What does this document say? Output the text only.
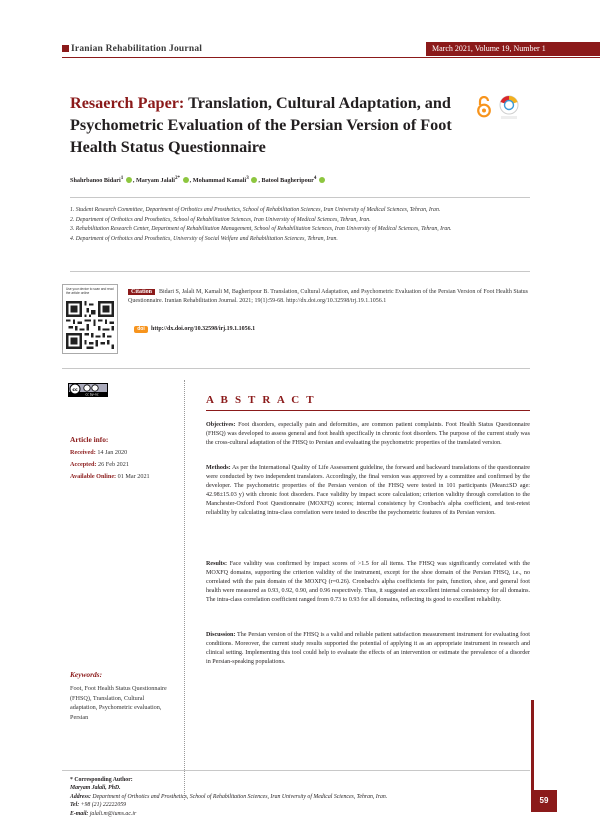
Iranian Rehabilitation Journal	March 2021, Volume 19, Number 1
Resaerch Paper: Translation, Cultural Adaptation, and Psychometric Evaluation of the Persian Version of Foot Health Status Questionnaire
Shahrbanoo Bidari$^1$ , Maryam Jalali$^{2*}$ , Mohammad Kamali$^3$ , Batool Bagheripour$^4$
1. Student Research Committee, Department of Orthotics and Prosthetics, School of Rehabilitation Sciences, Iran University of Medical Sciences, Tehran, Iran.
2. Department of Orthotics and Prosthetics, School of Rehabilitation Sciences, Iran University of Medical Sciences, Tehran, Iran.
3. Rehabilitation Research Center, Department of Rehabilitation Management, School of Rehabilitation Sciences, Iran University of Medical Sciences, Tehran, Iran.
4. Department of Orthotics and Prosthetics, University of Social Welfare and Rehabilitation Sciences, Tehran, Iran.
Use your device to scan and read the article online	Citation Bidari S, Jalali M, Kamali M, Bagheripour B. Translation, Cultural Adaptation, and Psychometric Evaluation of the Persian Version of Foot Health Status Questionnaire. Iranian Rehabilitation Journal. 2021; 19(1):59-68. http://dx.doi.org/10.32598/irj.19.1.1056.1
doi http://dx.doi.org/10.32598/irj.19.1.1056.1
cc
cc by-nc	A B S T R A C T
Article info:
Received: 14 Jan 2020
Accepted: 26 Feb 2021
Available Online: 01 Mar 2021
Keywords:
Foot, Foot Health Status Questionnaire (FHSQ), Translation, Cultural adaptation, Psychometric evaluation, Persian
Objectives: Foot disorders, especially pain and deformities, are common patient complaints. Foot Health Status Questionnaire (FHSQ) was developed to assess general and foot health specifically in chronic foot disorders. The purpose of the current study was the cross-cultural adaptation of the FHSQ to Persian and evaluating the psychometric properties of the translated version.
Methods: As per the International Quality of Life Assessment guideline, the forward and backward translations of the questionnaire were conducted by two independent translators. Accordingly, the final version was approved by a committee and confirmed by the developer. The psychometric properties of the Persian version of the FHSQ were tested in 101 participants (Mean±SD age: 42.98±15.03 y) with chronic foot disorders. Face validity by impact score calculation; criterion validity through correlation to the Manchester-Oxford Foot Questionnaire (MOXFQ) scores; internal consistency by Cronbach's alpha coefficient, and test-retest reliability by calculating intra-class correlation were tested to describe the psychometric features of its Persian version.
Results: Face validity was confirmed by impact scores of >1.5 for all items. The FHSQ was significantly correlated with the MOXFQ domains, supporting the criterion validity of the instrument, except for the shoe domain of the Persian FHSQ, i.e., no correlated with the pain domain of the MOXFQ (r=0.26). Cronbach's alpha coefficients for pain, function, shoe, and general foot health were measured as 0.93, 0.92, 0.90, and 0.96 respectively. Thus, it suggested an excellent internal consistency for all domains. The intra-class correlation coefficient ranged from 0.73 to 0.93 for all domains, reflecting its good to excellent reliability.
Discussion: The Persian version of the FHSQ is a valid and reliable patient satisfaction measurement instrument for evaluating foot conditions. Moreover, the current study results supported the potential of applying it as an appropriate instrument in research and clinical setting. Implementing this tool could help to evaluate the effects of an intervention or estimate the prevalence of a disorder in Persian-speaking populations.
* Corresponding Author:
Maryam Jalali, PhD.
Address: Department of Orthotics and Prosthetics, School of Rehabilitation Sciences, Iran University of Medical Sciences, Tehran, Iran.
Tel: +98 (21) 22222059
E-mail: jalali.m@iums.ac.ir
59
